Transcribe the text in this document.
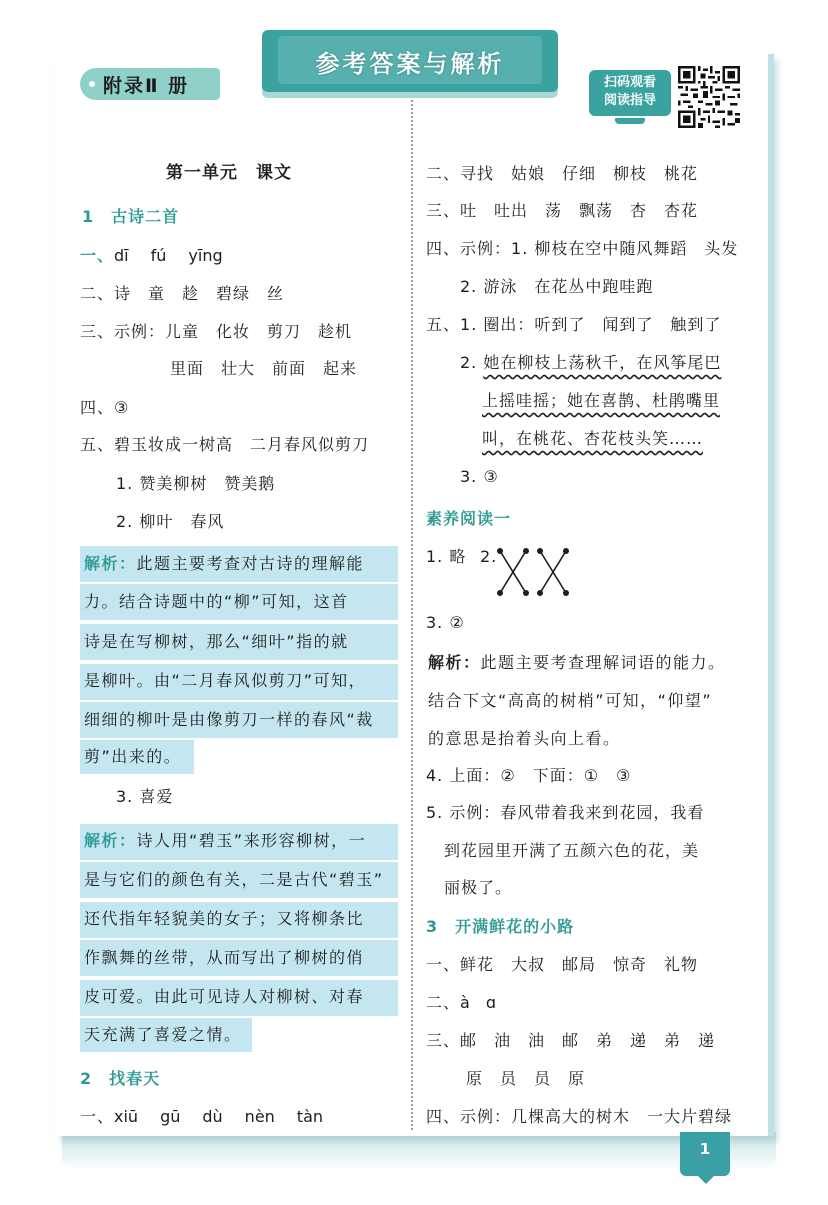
1
附录Ⅱ 册
参考答案与解析
扫码观看
阅读指导
第一单元　课文
1　古诗二首
一、dī fú yīng
二、诗　童　趁　碧绿　丝
三、示例：儿童　化妆　剪刀　趁机
里面　壮大　前面　起来
四、③
五、碧玉妆成一树高　二月春风似剪刀
1. 赞美柳树　赞美鹅
2. 柳叶　春风
解析：此题主要考查对古诗的理解能
力。结合诗题中的“柳”可知，这首
诗是在写柳树，那么“细叶”指的就
是柳叶。由“二月春风似剪刀”可知，
细细的柳叶是由像剪刀一样的春风“裁
剪”出来的。
3. 喜爱
解析：诗人用“碧玉”来形容柳树，一
是与它们的颜色有关，二是古代“碧玉”
还代指年轻貌美的女子；又将柳条比
作飘舞的丝带，从而写出了柳树的俏
皮可爱。由此可见诗人对柳树、对春
天充满了喜爱之情。
2　找春天
一、xiū gū dù nèn tàn
二、寻找　姑娘　仔细　柳枝　桃花
三、吐　吐出　荡　飘荡　杏　杏花
四、示例：1. 柳枝在空中随风舞蹈　头发
2. 游泳　在花丛中跑哇跑
五、1. 圈出：听到了　闻到了　触到了
2. 她在柳枝上荡秋千，在风筝尾巴
上摇哇摇；她在喜鹊、杜鹃嘴里
叫，在桃花、杏花枝头笑……
3. ③
素养阅读一
1. 略 2.
3. ②
解析：此题主要考查理解词语的能力。
结合下文“高高的树梢”可知，“仰望”
的意思是抬着头向上看。
4. 上面：②　下面：①　③
5. 示例：春风带着我来到花园，我看
到花园里开满了五颜六色的花，美
丽极了。
3　开满鲜花的小路
一、鲜花　大叔　邮局　惊奇　礼物
二、à　ɑ
三、邮　油　油　邮　弟　递　弟　递
原　员　员　原
四、示例：几棵高大的树木　一大片碧绿
